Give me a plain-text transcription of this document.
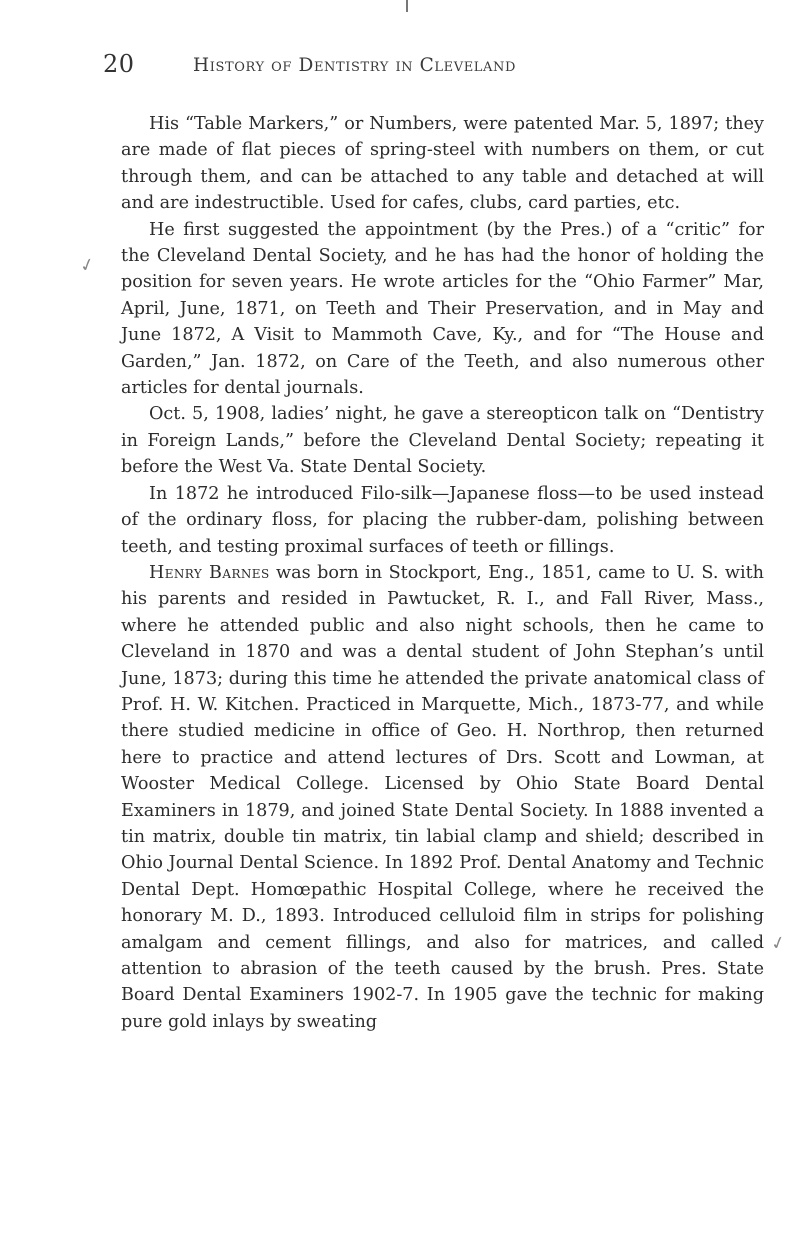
20	History of Dentistry in Cleveland

His “Table Markers,” or Numbers, were patented Mar. 5, 1897; they are made of flat pieces of spring-steel with numbers on them, or cut through them, and can be attached to any table and detached at will and are indestructible. Used for cafes, clubs, card parties, etc.

He first suggested the appointment (by the Pres.) of a “critic” for the Cleveland Dental Society, and he has had the honor of holding the position for seven years. He wrote articles for the “Ohio Farmer” Mar, April, June, 1871, on Teeth and Their Preservation, and in May and June 1872, A Visit to Mammoth Cave, Ky., and for “The House and Garden,” Jan. 1872, on Care of the Teeth, and also numerous other articles for dental journals.

Oct. 5, 1908, ladies’ night, he gave a stereopticon talk on “Dentistry in Foreign Lands,” before the Cleveland Dental Society; repeating it before the West Va. State Dental Society.

In 1872 he introduced Filo-silk—Japanese floss—to be used instead of the ordinary floss, for placing the rubber-dam, polishing between teeth, and testing proximal surfaces of teeth or fillings.

Henry Barnes was born in Stockport, Eng., 1851, came to U. S. with his parents and resided in Pawtucket, R. I., and Fall River, Mass., where he attended public and also night schools, then he came to Cleveland in 1870 and was a dental student of John Stephan’s until June, 1873; during this time he attended the private anatomical class of Prof. H. W. Kitchen. Practiced in Marquette, Mich., 1873-77, and while there studied medicine in office of Geo. H. Northrop, then returned here to practice and attend lectures of Drs. Scott and Lowman, at Wooster Medical College. Licensed by Ohio State Board Dental Examiners in 1879, and joined State Dental Society. In 1888 invented a tin matrix, double tin matrix, tin labial clamp and shield; described in Ohio Journal Dental Science. In 1892 Prof. Dental Anatomy and Technic Dental Dept. Homœpathic Hospital College, where he received the honorary M. D., 1893. Introduced celluloid film in strips for polishing amalgam and cement fillings, and also for matrices, and called attention to abrasion of the teeth caused by the brush. Pres. State Board Dental Examiners 1902-7. In 1905 gave the technic for making pure gold inlays by sweating

✓
✓
